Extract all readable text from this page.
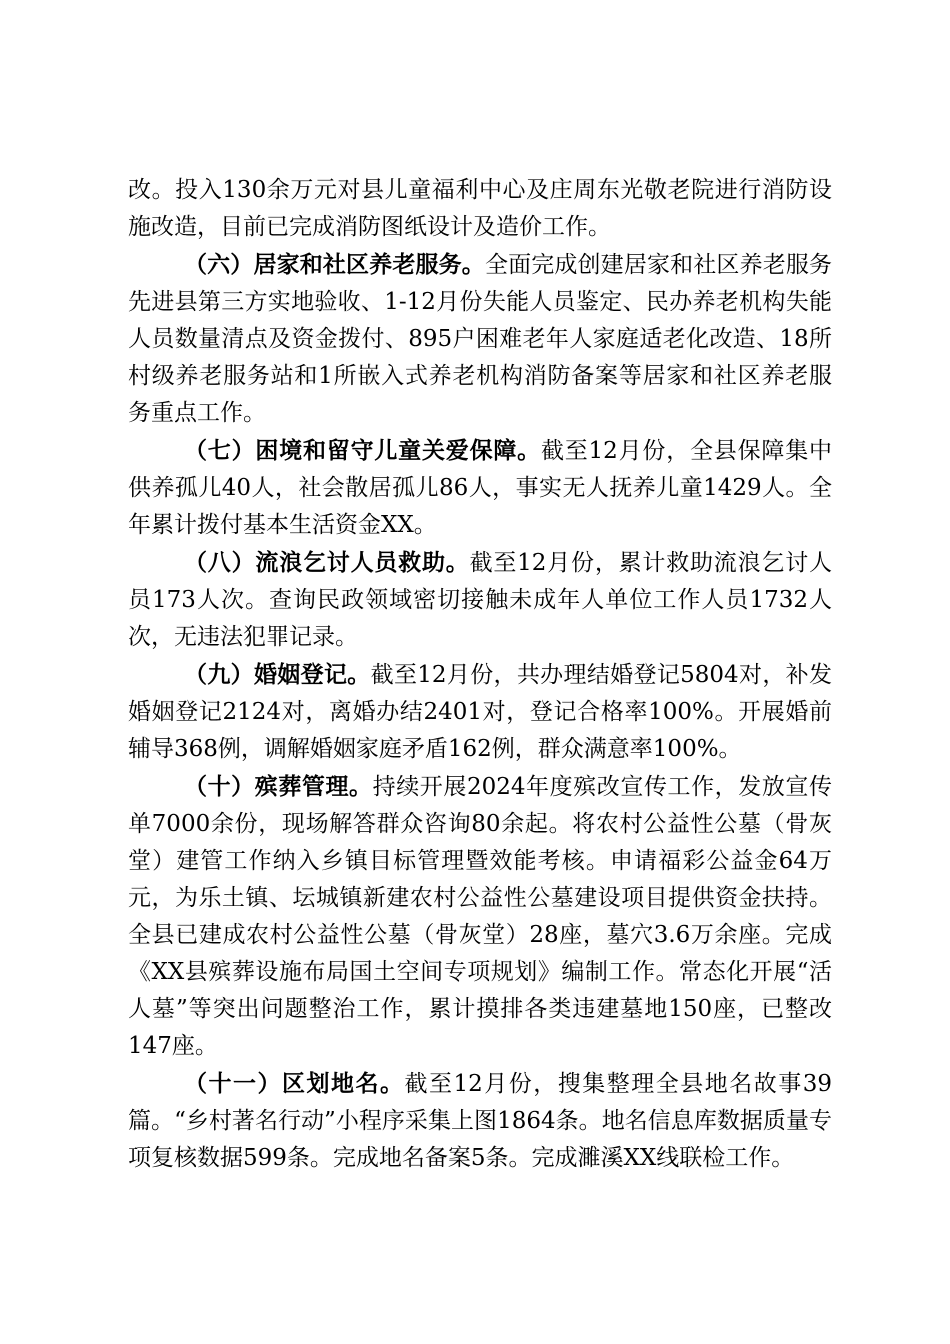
改。投入130余万元对县儿童福利中心及庄周东光敬老院进行消防设施改造，目前已完成消防图纸设计及造价工作。

（六）居家和社区养老服务。全面完成创建居家和社区养老服务先进县第三方实地验收、1-12月份失能人员鉴定、民办养老机构失能人员数量清点及资金拨付、895户困难老年人家庭适老化改造、18所村级养老服务站和1所嵌入式养老机构消防备案等居家和社区养老服务重点工作。

（七）困境和留守儿童关爱保障。截至12月份，全县保障集中供养孤儿40人，社会散居孤儿86人，事实无人抚养儿童1429人。全年累计拨付基本生活资金XX。

（八）流浪乞讨人员救助。截至12月份，累计救助流浪乞讨人员173人次。查询民政领域密切接触未成年人单位工作人员1732人次，无违法犯罪记录。

（九）婚姻登记。截至12月份，共办理结婚登记5804对，补发婚姻登记2124对，离婚办结2401对，登记合格率100%。开展婚前辅导368例，调解婚姻家庭矛盾162例，群众满意率100%。

（十）殡葬管理。持续开展2024年度殡改宣传工作，发放宣传单7000余份，现场解答群众咨询80余起。将农村公益性公墓（骨灰堂）建管工作纳入乡镇目标管理暨效能考核。申请福彩公益金64万元，为乐土镇、坛城镇新建农村公益性公墓建设项目提供资金扶持。全县已建成农村公益性公墓（骨灰堂）28座，墓穴3.6万余座。完成《XX县殡葬设施布局国土空间专项规划》编制工作。常态化开展“活人墓”等突出问题整治工作，累计摸排各类违建墓地150座，已整改147座。

（十一）区划地名。截至12月份，搜集整理全县地名故事39篇。“乡村著名行动”小程序采集上图1864条。地名信息库数据质量专项复核数据599条。完成地名备案5条。完成濉溪XX线联检工作。
